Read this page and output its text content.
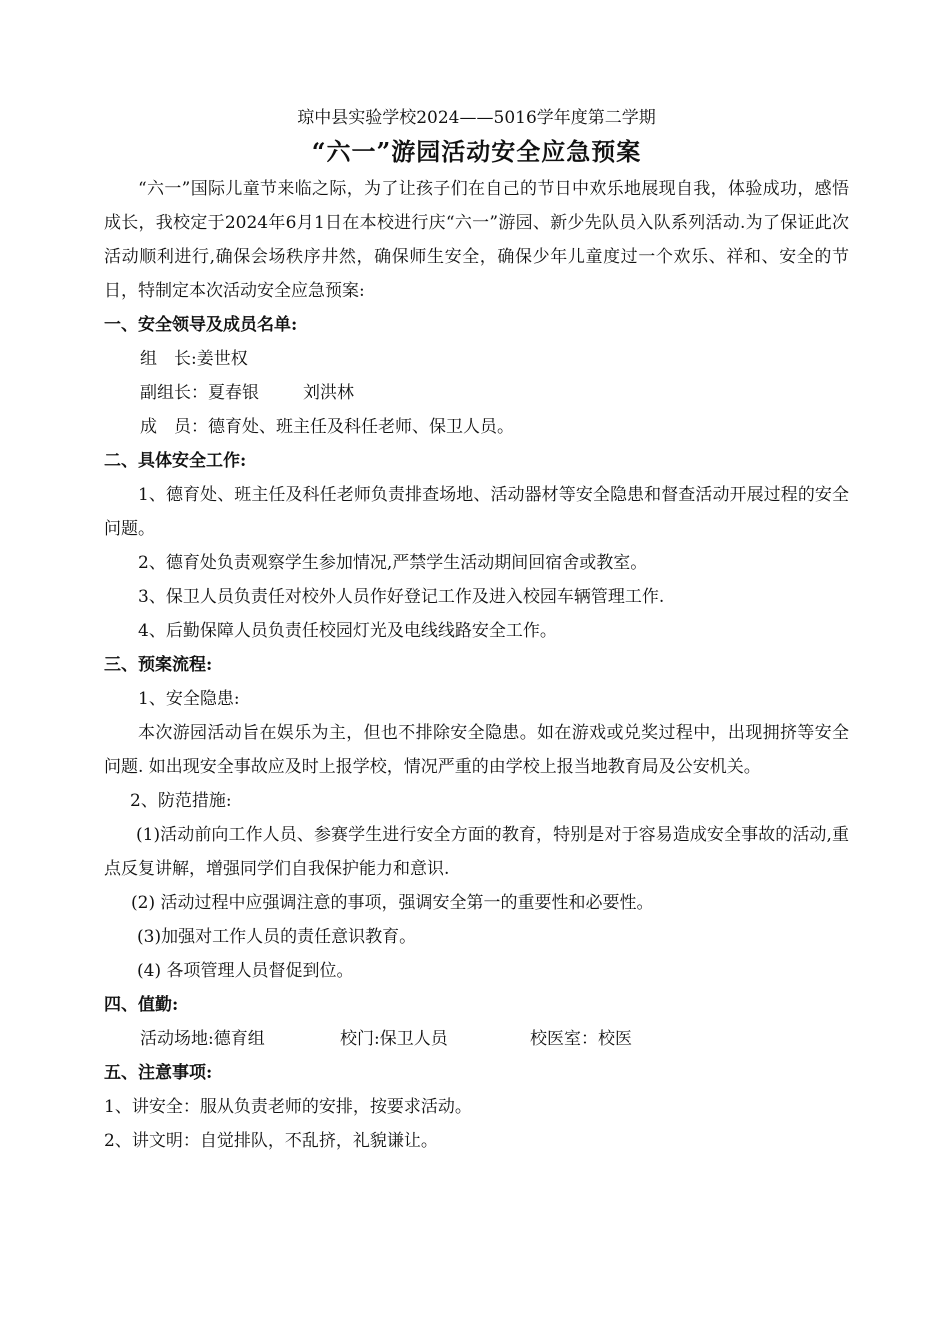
琼中县实验学校2024——5016学年度第二学期
“六一”游园活动安全应急预案

“六一”国际儿童节来临之际，为了让孩子们在自己的节日中欢乐地展现自我，体验成功，感悟成长，我校定于2024年6月1日在本校进行庆“六一”游园、新少先队员入队系列活动.为了保证此次活动顺利进行,确保会场秩序井然，确保师生安全，确保少年儿童度过一个欢乐、祥和、安全的节日，特制定本次活动安全应急预案:

一、安全领导及成员名单:

组　长:姜世权
副组长：夏春银	刘洪林
成　员：德育处、班主任及科任老师、保卫人员。

二、具体安全工作:

1、德育处、班主任及科任老师负责排查场地、活动器材等安全隐患和督查活动开展过程的安全问题。

2、德育处负责观察学生参加情况,严禁学生活动期间回宿舍或教室。

3、保卫人员负责任对校外人员作好登记工作及进入校园车辆管理工作.

4、后勤保障人员负责任校园灯光及电线线路安全工作。

三、预案流程:

1、安全隐患:

本次游园活动旨在娱乐为主，但也不排除安全隐患。如在游戏或兑奖过程中，出现拥挤等安全问题. 如出现安全事故应及时上报学校，情况严重的由学校上报当地教育局及公安机关。

2、防范措施:

(1)活动前向工作人员、参赛学生进行安全方面的教育，特别是对于容易造成安全事故的活动,重点反复讲解，增强同学们自我保护能力和意识.

(2) 活动过程中应强调注意的事项，强调安全第一的重要性和必要性。

(3)加强对工作人员的责任意识教育。

(4) 各项管理人员督促到位。

四、值勤:

活动场地:德育组	校门:保卫人员	校医室：校医

五、注意事项:

1、讲安全：服从负责老师的安排，按要求活动。

2、讲文明：自觉排队，不乱挤，礼貌谦让。
